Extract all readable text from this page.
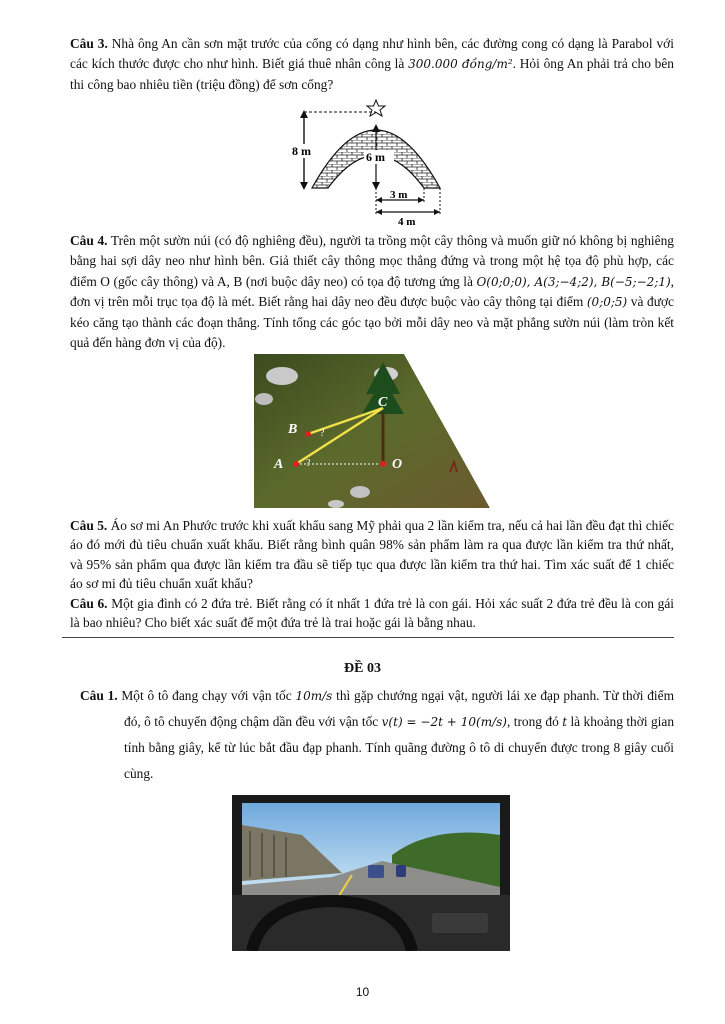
Câu 3. Nhà ông An cần sơn mặt trước của cổng có dạng như hình bên, các đường cong có dạng là Parabol với các kích thước được cho như hình. Biết giá thuê nhân công là 300.000 đồng/m². Hỏi ông An phải trả cho bên thi công bao nhiêu tiền (triệu đồng) để sơn cổng?

8 m	6 m
3 m
4 m

Câu 4. Trên một sườn núi (có độ nghiêng đều), người ta trồng một cây thông và muốn giữ nó không bị nghiêng bằng hai sợi dây neo như hình bên. Giả thiết cây thông mọc thẳng đứng và trong một hệ tọa độ phù hợp, các điểm O (gốc cây thông) và A, B (nơi buộc dây neo) có tọa độ tương ứng là O(0;0;0), A(3;−4;2), B(−5;−2;1), đơn vị trên mỗi trục tọa độ là mét. Biết rằng hai dây neo đều được buộc vào cây thông tại điểm (0;0;5) và được kéo căng tạo thành các đoạn thẳng. Tính tổng các góc tạo bởi mỗi dây neo và mặt phẳng sườn núi (làm tròn kết quả đến hàng đơn vị của độ).

A
B
C
O
?
?

Câu 5. Áo sơ mi An Phước trước khi xuất khẩu sang Mỹ phải qua 2 lần kiểm tra, nếu cả hai lần đều đạt thì chiếc áo đó mới đủ tiêu chuẩn xuất khẩu. Biết rằng bình quân 98% sản phẩm làm ra qua được lần kiểm tra thứ nhất, và 95% sản phẩm qua được lần kiểm tra đầu sẽ tiếp tục qua được lần kiểm tra thứ hai. Tìm xác suất để 1 chiếc áo sơ mi đủ tiêu chuẩn xuất khẩu?

Câu 6. Một gia đình có 2 đứa trẻ. Biết rằng có ít nhất 1 đứa trẻ là con gái. Hỏi xác suất 2 đứa trẻ đều là con gái là bao nhiêu? Cho biết xác suất để một đứa trẻ là trai hoặc gái là bằng nhau.

ĐỀ 03

Câu 1. Một ô tô đang chạy với vận tốc 10m/s thì gặp chướng ngại vật, người lái xe đạp phanh. Từ thời điểm đó, ô tô chuyển động chậm dần đều với vận tốc v(t) = −2t + 10(m/s), trong đó t là khoảng thời gian tính bằng giây, kể từ lúc bắt đầu đạp phanh. Tính quãng đường ô tô di chuyển được trong 8 giây cuối cùng.

10
